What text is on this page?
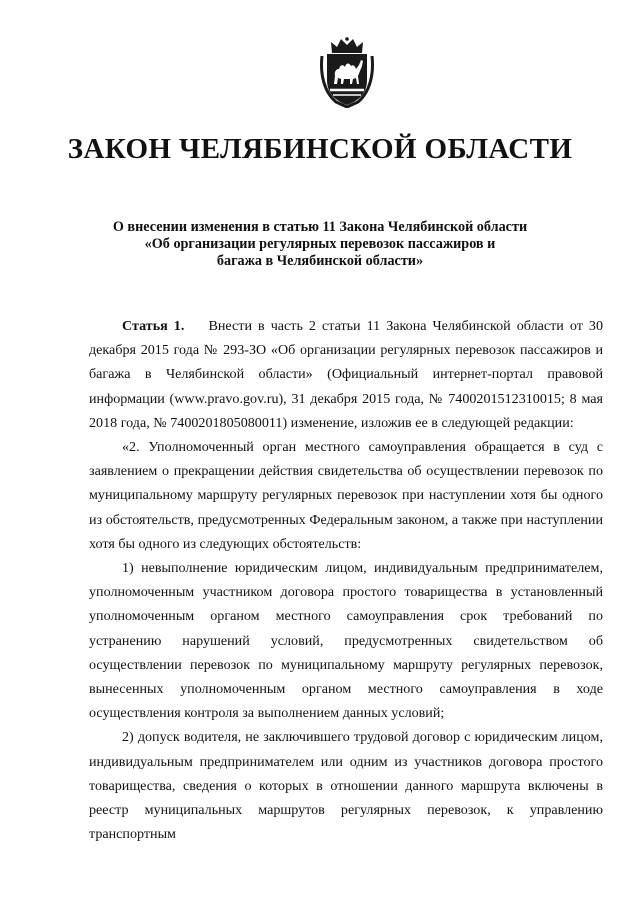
ЗАКОН ЧЕЛЯБИНСКОЙ ОБЛАСТИ
О внесении изменения в статью 11 Закона Челябинской области
«Об организации регулярных перевозок пассажиров и
багажа в Челябинской области»

Статья 1. Внести в часть 2 статьи 11 Закона Челябинской области от 30 декабря 2015 года № 293-ЗО «Об организации регулярных перевозок пассажиров и багажа в Челябинской области» (Официальный интернет-портал правовой информации (www.pravo.gov.ru), 31 декабря 2015 года, № 7400201512310015; 8 мая 2018 года, № 7400201805080011) изменение, изложив ее в следующей редакции:

«2. Уполномоченный орган местного самоуправления обращается в суд с заявлением о прекращении действия свидетельства об осуществлении перевозок по муниципальному маршруту регулярных перевозок при наступлении хотя бы одного из обстоятельств, предусмотренных Федеральным законом, а также при наступлении хотя бы одного из следующих обстоятельств:

1) невыполнение юридическим лицом, индивидуальным предпринимателем, уполномоченным участником договора простого товарищества в установленный уполномоченным органом местного самоуправления срок требований по устранению нарушений условий, предусмотренных свидетельством об осуществлении перевозок по муниципальному маршруту регулярных перевозок, вынесенных уполномоченным органом местного самоуправления в ходе осуществления контроля за выполнением данных условий;

2) допуск водителя, не заключившего трудовой договор с юридическим лицом, индивидуальным предпринимателем или одним из участников договора простого товарищества, сведения о которых в отношении данного маршрута включены в реестр муниципальных маршрутов регулярных перевозок, к управлению транспортным
